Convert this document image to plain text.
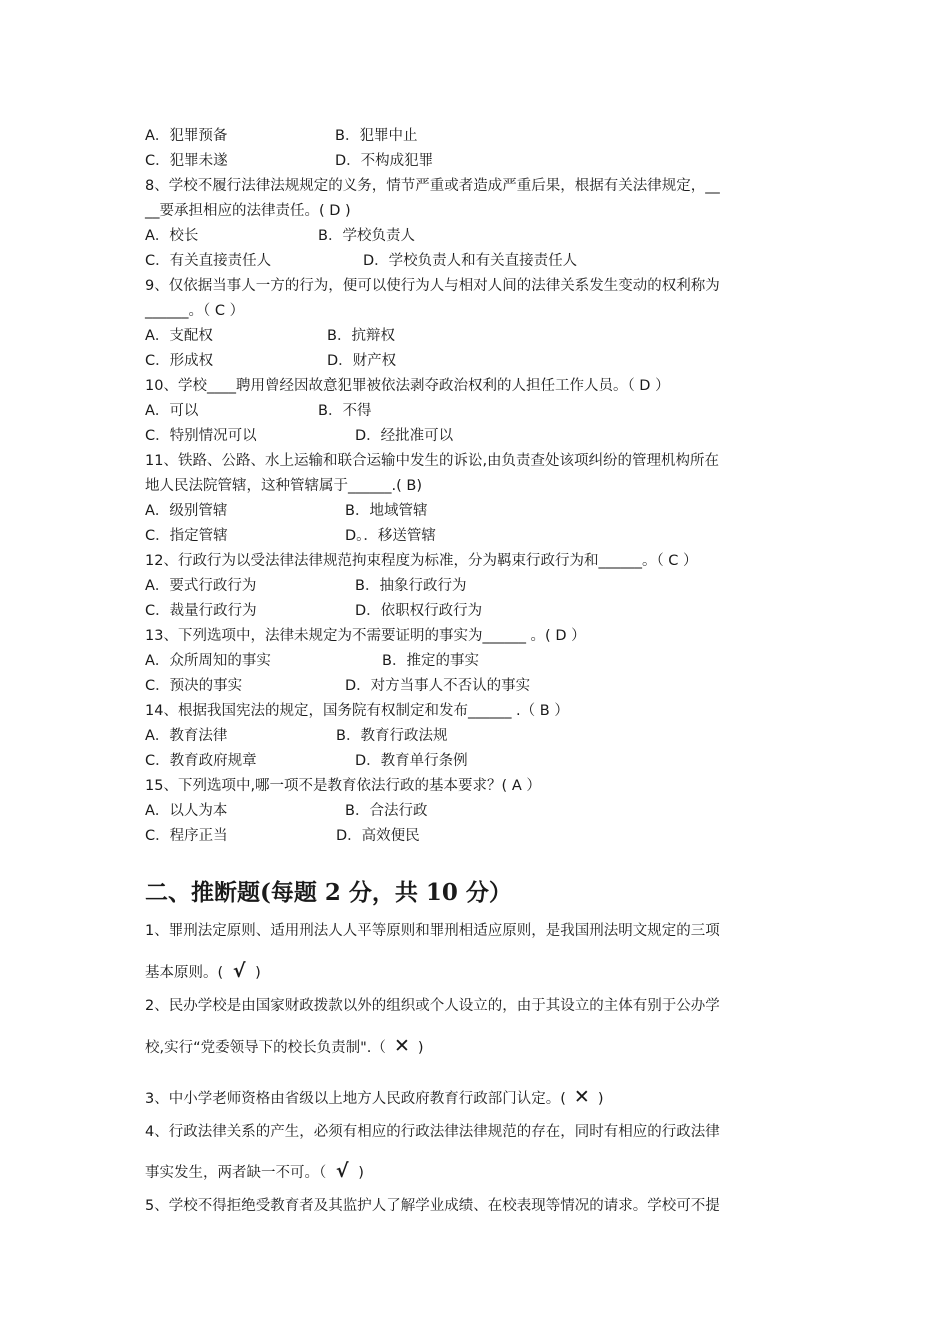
A．犯罪预备	B．犯罪中止
C．犯罪未遂	D．不构成犯罪
8、学校不履行法律法规规定的义务，情节严重或者造成严重后果，根据有关法律规定，__
__要承担相应的法律责任。( D )
A．校长	B．学校负责人
C．有关直接责任人	D．学校负责人和有关直接责任人
9、仅依据当事人一方的行为，便可以使行为人与相对人间的法律关系发生变动的权利称为
______。（ C ）
A．支配权	B．抗辩权
C．形成权	D．财产权
10、学校____聘用曾经因故意犯罪被依法剥夺政治权利的人担任工作人员。（ D ）
A．可以	B．不得
C．特别情况可以	D．经批准可以
11、铁路、公路、水上运输和联合运输中发生的诉讼,由负责查处该项纠纷的管理机构所在
地人民法院管辖，这种管辖属于______.( B)
A．级别管辖	B．地域管辖
C．指定管辖	D。．移送管辖
12、行政行为以受法律法律规范拘束程度为标准，分为羁束行政行为和______。（ C ）
A．要式行政行为	B．抽象行政行为
C．裁量行政行为	D．依职权行政行为
13、下列选项中，法律未规定为不需要证明的事实为______ 。( D ）
A．众所周知的事实	B．推定的事实
C．预决的事实	D．对方当事人不否认的事实
14、根据我国宪法的规定，国务院有权制定和发布______ .（ B ）
A．教育法律	B．教育行政法规
C．教育政府规章	D．教育单行条例
15、下列选项中,哪一项不是教育依法行政的基本要求？( A ）
A．以人为本	B．合法行政
C．程序正当	D．高效便民
二、推断题(每题 2 分，共 10 分）
1、罪刑法定原则、适用刑法人人平等原则和罪刑相适应原则，是我国刑法明文规定的三项
基本原则。( √ )
2、民办学校是由国家财政拨款以外的组织或个人设立的，由于其设立的主体有别于公办学
校,实行“党委领导下的校长负责制".（ ✕ )
3、中小学老师资格由省级以上地方人民政府教育行政部门认定。( ✕ )
4、行政法律关系的产生，必须有相应的行政法律法律规范的存在，同时有相应的行政法律
事实发生，两者缺一不可。（ √ )
5、学校不得拒绝受教育者及其监护人了解学业成绩、在校表现等情况的请求。学校可不提
